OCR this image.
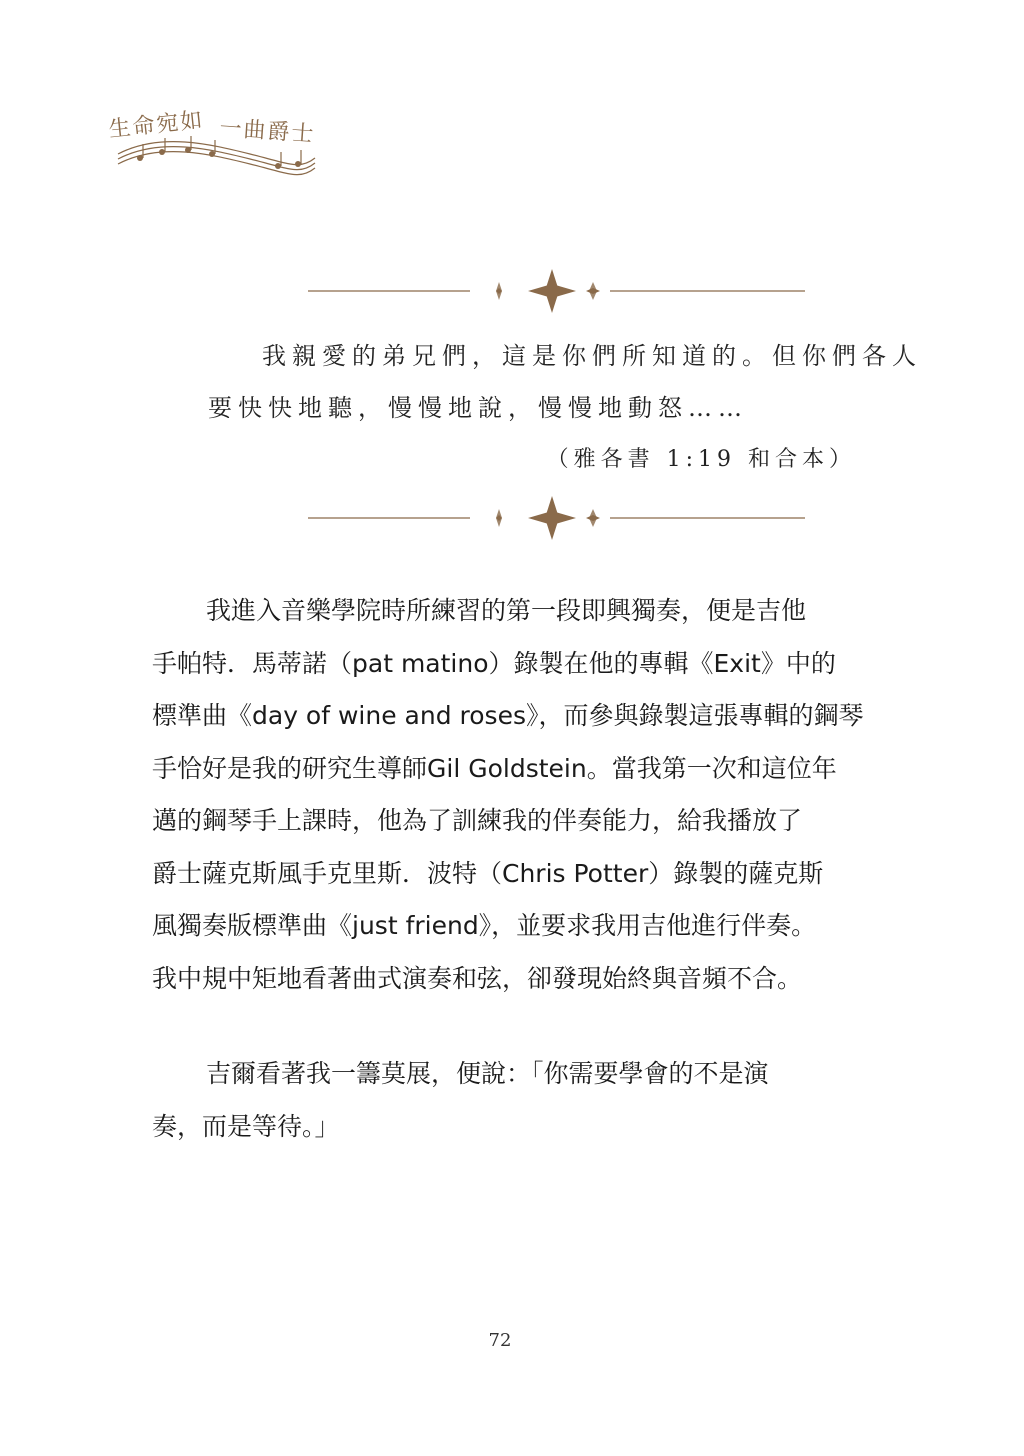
生命宛如 一曲爵士
我親愛的弟兄們，這是你們所知道的。但你們各人
要快快地聽，慢慢地說，慢慢地動怒……
（雅各書 1:19 和合本）
我進入音樂學院時所練習的第一段即興獨奏，便是吉他
手帕特．馬蒂諾（pat matino）錄製在他的專輯《Exit》中的
標準曲《day of wine and roses》，而參與錄製這張專輯的鋼琴
手恰好是我的研究生導師Gil Goldstein。當我第一次和這位年
邁的鋼琴手上課時，他為了訓練我的伴奏能力，給我播放了
爵士薩克斯風手克里斯．波特（Chris Potter）錄製的薩克斯
風獨奏版標準曲《just friend》，並要求我用吉他進行伴奏。
我中規中矩地看著曲式演奏和弦，卻發現始終與音頻不合。
吉爾看著我一籌莫展，便說：「你需要學會的不是演
奏，而是等待。」
72
